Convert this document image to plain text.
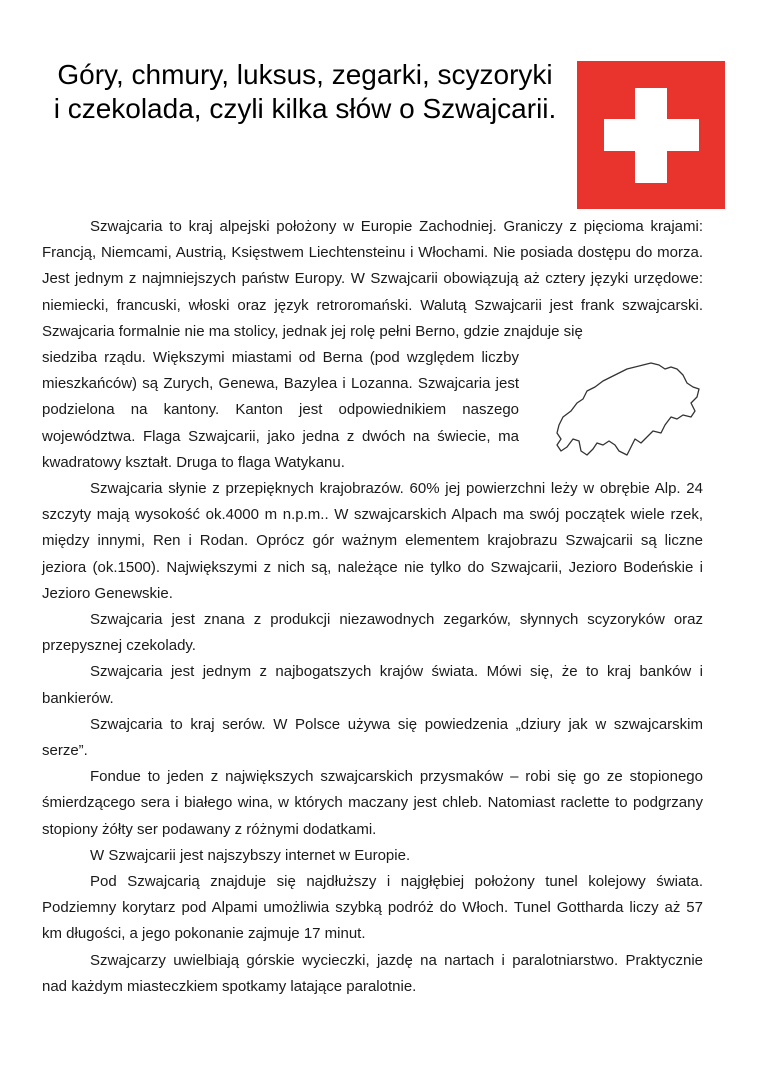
Góry, chmury, luksus, zegarki, scyzoryki
i czekolada, czyli kilka słów o Szwajcarii.

Szwajcaria to kraj alpejski położony w Europie Zachodniej. Graniczy z pięcioma krajami: Francją, Niemcami, Austrią, Księstwem Liechtensteinu i Włochami. Nie posiada dostępu do morza. Jest jednym z najmniejszych państw Europy. W Szwajcarii obowiązują aż cztery języki urzędowe: niemiecki, francuski, włoski oraz język retroromański. Walutą Szwajcarii jest frank szwajcarski. Szwajcaria formalnie nie ma stolicy, jednak jej rolę pełni Berno, gdzie znajduje się

siedziba rządu. Większymi miastami od Berna (pod względem liczby mieszkańców) są Zurych, Genewa, Bazylea i Lozanna. Szwajcaria jest podzielona na kantony. Kanton jest odpowiednikiem naszego województwa. Flaga Szwajcarii, jako jedna z dwóch na świecie, ma kwadratowy kształt. Druga to flaga Watykanu.

Szwajcaria słynie z przepięknych krajobrazów. 60% jej powierzchni leży w obrębie Alp. 24 szczyty mają wysokość ok.4000 m n.p.m.. W szwajcarskich Alpach ma swój początek wiele rzek, między innymi, Ren i Rodan. Oprócz gór ważnym elementem krajobrazu Szwajcarii są liczne jeziora (ok.1500). Największymi z nich są, należące nie tylko do Szwajcarii, Jezioro Bodeńskie i Jezioro Genewskie.

Szwajcaria jest znana z produkcji niezawodnych zegarków, słynnych scyzoryków oraz przepysznej czekolady.

Szwajcaria jest jednym z najbogatszych krajów świata. Mówi się, że to kraj banków i bankierów.

Szwajcaria to kraj serów. W Polsce używa się powiedzenia „dziury jak w szwajcarskim serze”.

Fondue to jeden z największych szwajcarskich przysmaków – robi się go ze stopionego śmierdzącego sera i białego wina, w których maczany jest chleb. Natomiast raclette to podgrzany stopiony żółty ser podawany z różnymi dodatkami.

W Szwajcarii jest najszybszy internet w Europie.

Pod Szwajcarią znajduje się najdłuższy i najgłębiej położony tunel kolejowy świata. Podziemny korytarz pod Alpami umożliwia szybką podróż do Włoch. Tunel Gottharda liczy aż 57 km długości, a jego pokonanie zajmuje 17 minut.

Szwajcarzy uwielbiają górskie wycieczki, jazdę na nartach i paralotniarstwo. Praktycznie nad każdym miasteczkiem spotkamy latające paralotnie.
